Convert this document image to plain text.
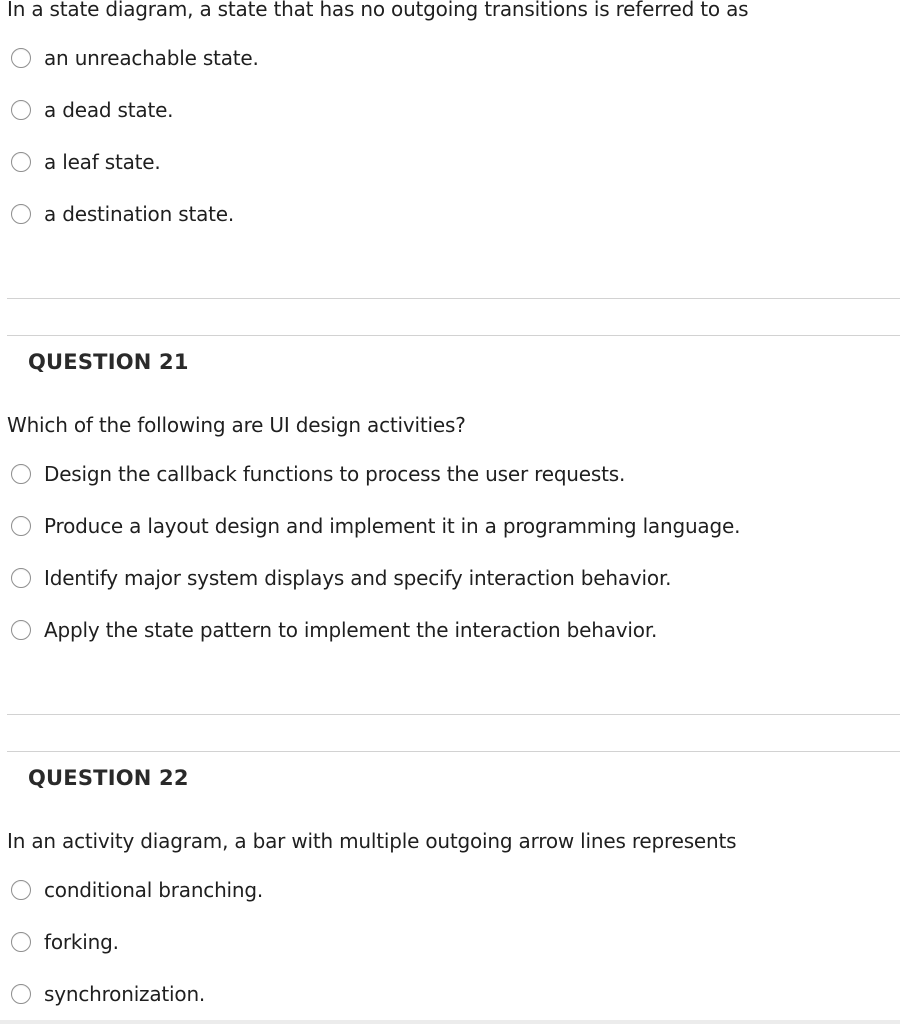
In a state diagram, a state that has no outgoing transitions is referred to as
an unreachable state.
a dead state.
a leaf state.
a destination state.
QUESTION 21
Which of the following are UI design activities?
Design the callback functions to process the user requests.
Produce a layout design and implement it in a programming language.
Identify major system displays and specify interaction behavior.
Apply the state pattern to implement the interaction behavior.
QUESTION 22
In an activity diagram, a bar with multiple outgoing arrow lines represents
conditional branching.
forking.
synchronization.
